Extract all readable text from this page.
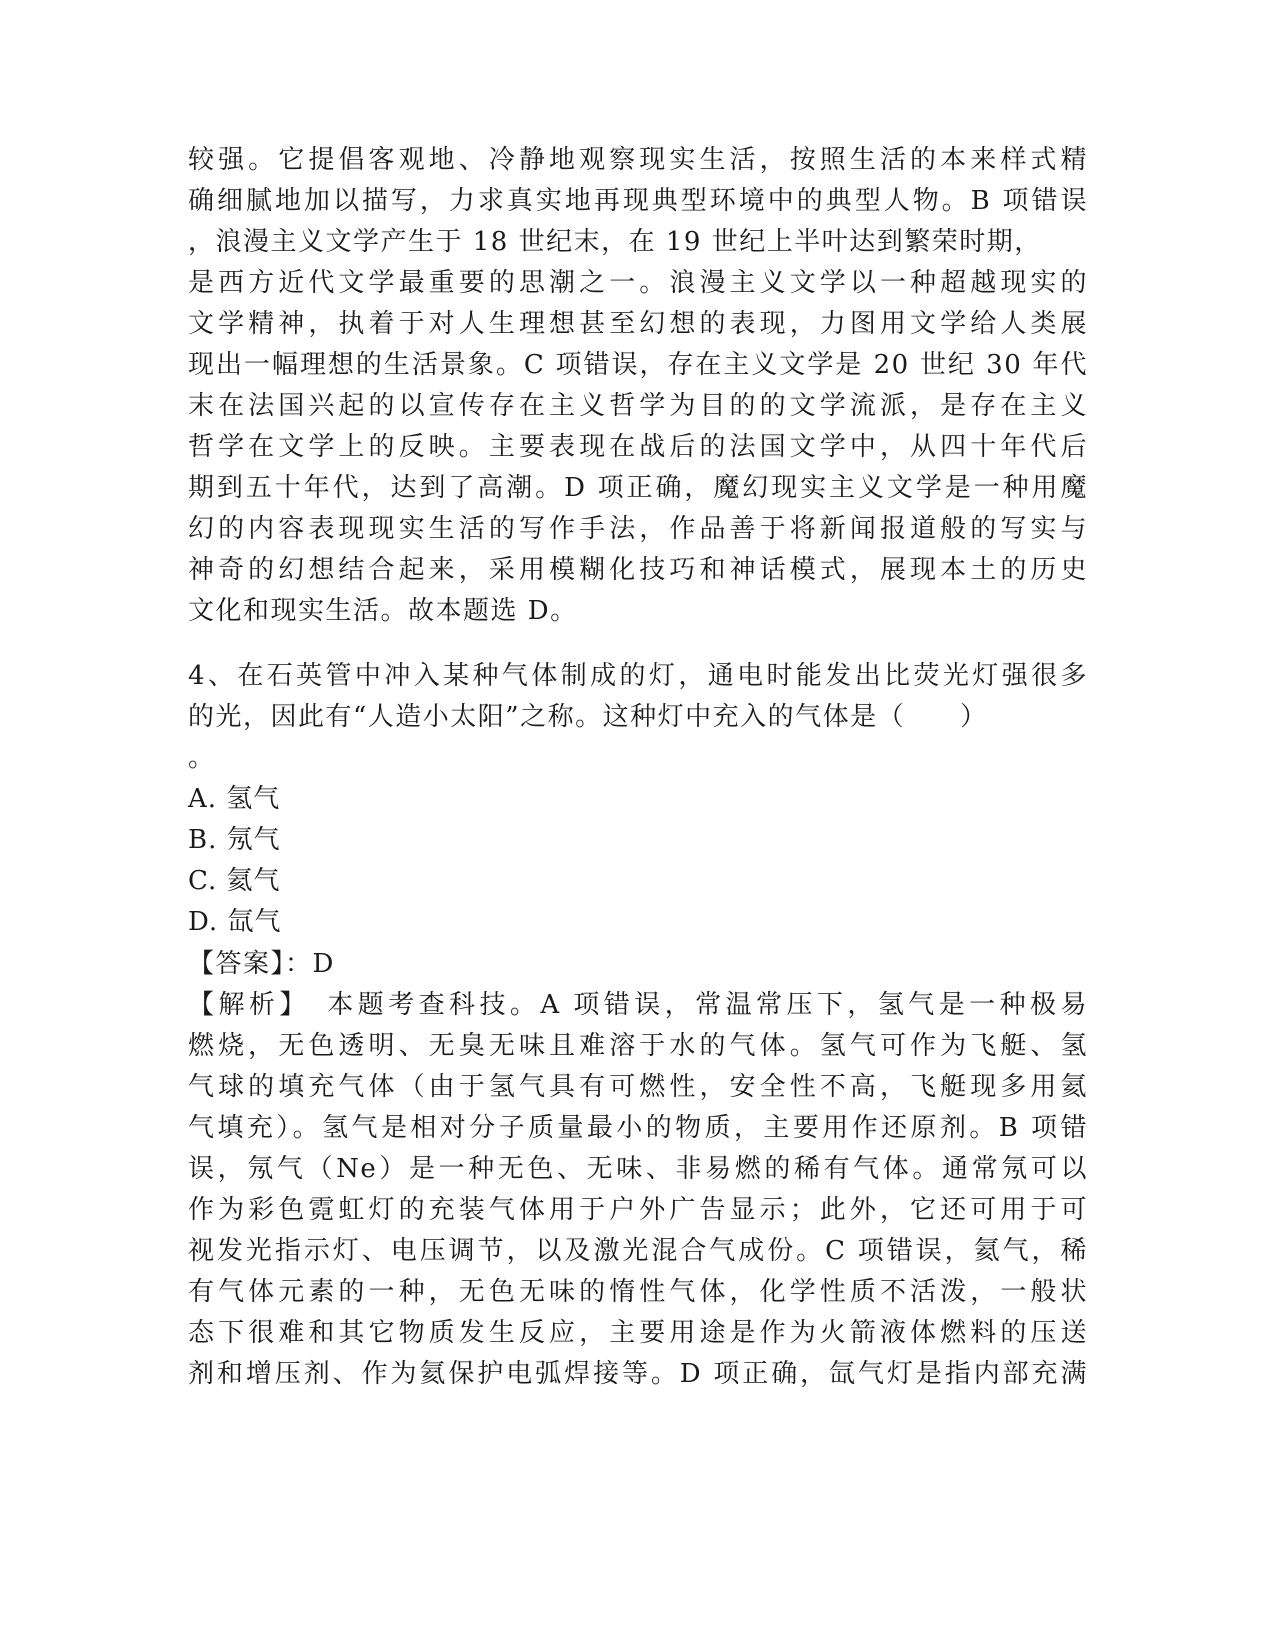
较强。它提倡客观地、冷静地观察现实生活，按照生活的本来样式精
确细腻地加以描写，力求真实地再现典型环境中的典型人物。B 项错误
，浪漫主义文学产生于 18 世纪末，在 19 世纪上半叶达到繁荣时期，
是西方近代文学最重要的思潮之一。浪漫主义文学以一种超越现实的
文学精神，执着于对人生理想甚至幻想的表现，力图用文学给人类展
现出一幅理想的生活景象。C 项错误，存在主义文学是 20 世纪 30 年代
末在法国兴起的以宣传存在主义哲学为目的的文学流派，是存在主义
哲学在文学上的反映。主要表现在战后的法国文学中，从四十年代后
期到五十年代，达到了高潮。D 项正确，魔幻现实主义文学是一种用魔
幻的内容表现现实生活的写作手法，作品善于将新闻报道般的写实与
神奇的幻想结合起来，采用模糊化技巧和神话模式，展现本土的历史
文化和现实生活。故本题选 D。
4、在石英管中冲入某种气体制成的灯，通电时能发出比荧光灯强很多
的光，因此有“人造小太阳”之称。这种灯中充入的气体是（　　）
。
A. 氢气
B. 氖气
C. 氦气
D. 氙气
【答案】：D
【解析】　本题考查科技。A 项错误，常温常压下，氢气是一种极易
燃烧，无色透明、无臭无味且难溶于水的气体。氢气可作为飞艇、氢
气球的填充气体（由于氢气具有可燃性，安全性不高，飞艇现多用氦
气填充）。氢气是相对分子质量最小的物质，主要用作还原剂。B 项错
误，氖气（Ne）是一种无色、无味、非易燃的稀有气体。通常氖可以
作为彩色霓虹灯的充装气体用于户外广告显示；此外，它还可用于可
视发光指示灯、电压调节，以及激光混合气成份。C 项错误，氦气，稀
有气体元素的一种，无色无味的惰性气体，化学性质不活泼，一般状
态下很难和其它物质发生反应，主要用途是作为火箭液体燃料的压送
剂和增压剂、作为氦保护电弧焊接等。D 项正确，氙气灯是指内部充满
